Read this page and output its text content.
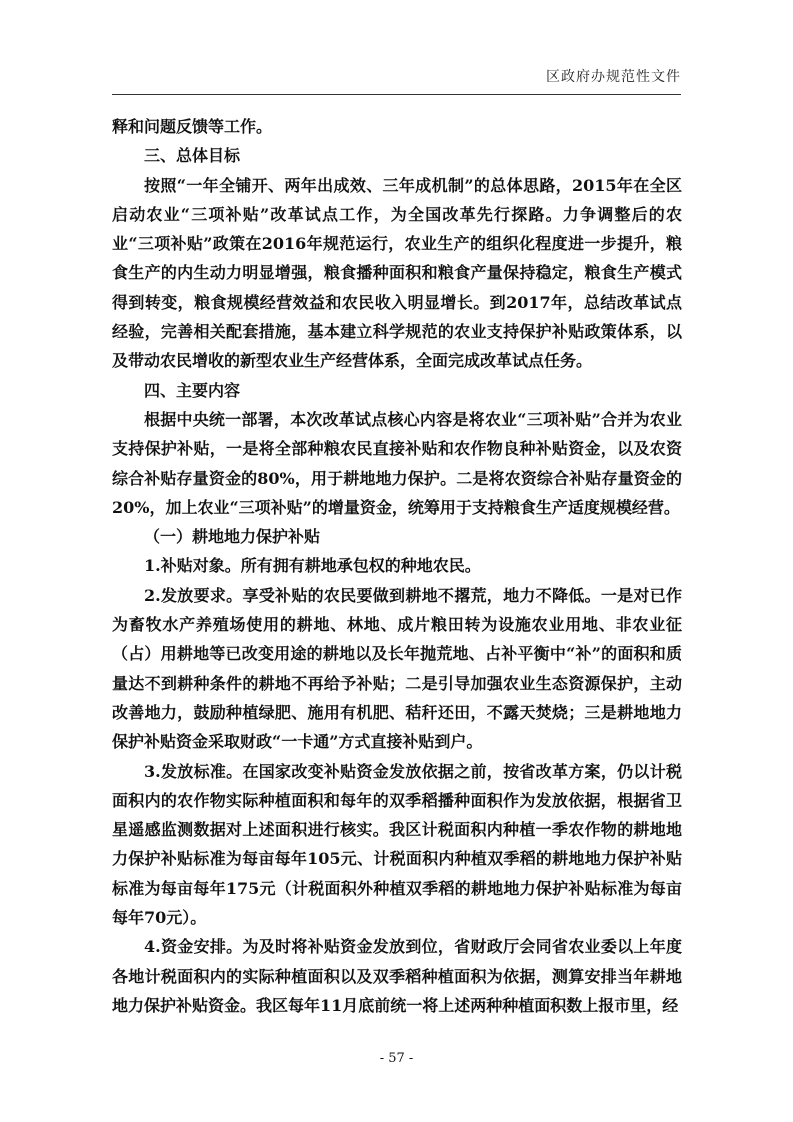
区政府办规范性文件

释和问题反馈等工作。

三、总体目标

按照“一年全铺开、两年出成效、三年成机制”的总体思路，2015年在全区启动农业“三项补贴”改革试点工作，为全国改革先行探路。力争调整后的农业“三项补贴”政策在2016年规范运行，农业生产的组织化程度进一步提升，粮食生产的内生动力明显增强，粮食播种面积和粮食产量保持稳定，粮食生产模式得到转变，粮食规模经营效益和农民收入明显增长。到2017年，总结改革试点经验，完善相关配套措施，基本建立科学规范的农业支持保护补贴政策体系，以及带动农民增收的新型农业生产经营体系，全面完成改革试点任务。

四、主要内容

根据中央统一部署，本次改革试点核心内容是将农业“三项补贴”合并为农业支持保护补贴，一是将全部种粮农民直接补贴和农作物良种补贴资金，以及农资综合补贴存量资金的80%，用于耕地地力保护。二是将农资综合补贴存量资金的20%，加上农业“三项补贴”的增量资金，统筹用于支持粮食生产适度规模经营。

（一）耕地地力保护补贴

1.补贴对象。所有拥有耕地承包权的种地农民。

2.发放要求。享受补贴的农民要做到耕地不撂荒，地力不降低。一是对已作为畜牧水产养殖场使用的耕地、林地、成片粮田转为设施农业用地、非农业征（占）用耕地等已改变用途的耕地以及长年抛荒地、占补平衡中“补”的面积和质量达不到耕种条件的耕地不再给予补贴；二是引导加强农业生态资源保护，主动改善地力，鼓励种植绿肥、施用有机肥、秸秆还田，不露天焚烧；三是耕地地力保护补贴资金采取财政“一卡通”方式直接补贴到户。

3.发放标准。在国家改变补贴资金发放依据之前，按省改革方案，仍以计税面积内的农作物实际种植面积和每年的双季稻播种面积作为发放依据，根据省卫星遥感监测数据对上述面积进行核实。我区计税面积内种植一季农作物的耕地地力保护补贴标准为每亩每年105元、计税面积内种植双季稻的耕地地力保护补贴标准为每亩每年175元（计税面积外种植双季稻的耕地地力保护补贴标准为每亩每年70元）。

4.资金安排。为及时将补贴资金发放到位，省财政厅会同省农业委以上年度各地计税面积内的实际种植面积以及双季稻种植面积为依据，测算安排当年耕地地力保护补贴资金。我区每年11月底前统一将上述两种种植面积数上报市里，经

- 57 -
